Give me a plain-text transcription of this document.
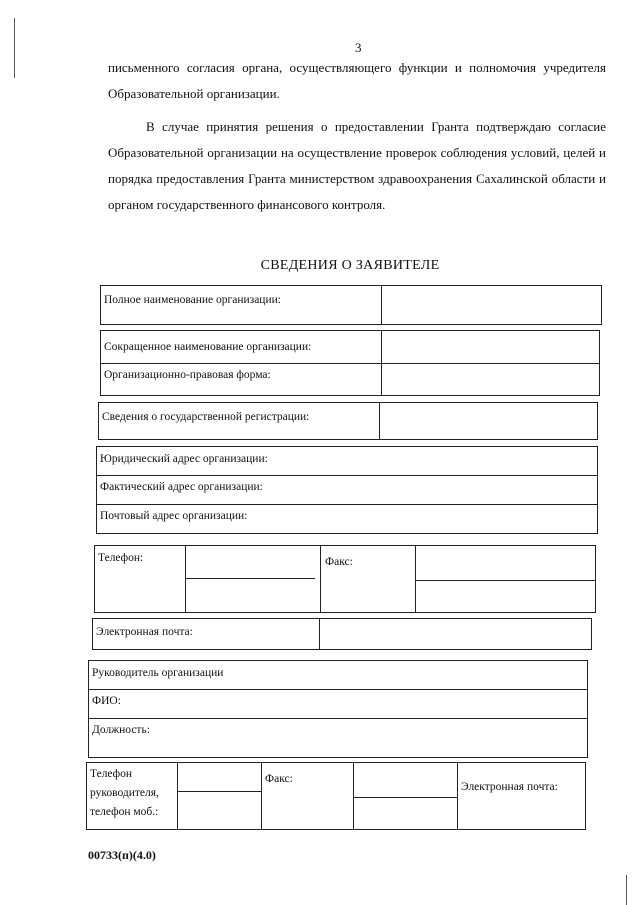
3
письменного согласия органа, осуществляющего функции и полномочия учредителя Образовательной организации.
В случае принятия решения о предоставлении Гранта подтверждаю согласие Образовательной организации на осуществление проверок соблюдения условий, целей и порядка предоставления Гранта министерством здравоохранения Сахалинской области и органом государственного финансового контроля.
СВЕДЕНИЯ О ЗАЯВИТЕЛЕ
Полное наименование организации:
Сокращенное наименование организации:
Организационно-правовая форма:
Сведения о государственной регистрации:
Юридический адрес организации:
Фактический адрес организации:
Почтовый адрес организации:
Телефон:	Факс:
Электронная почта:
Руководитель организации
ФИО:
Должность:
Телефон
руководителя,
телефон моб.:
Факс:
Электронная почта:
00733(п)(4.0)
